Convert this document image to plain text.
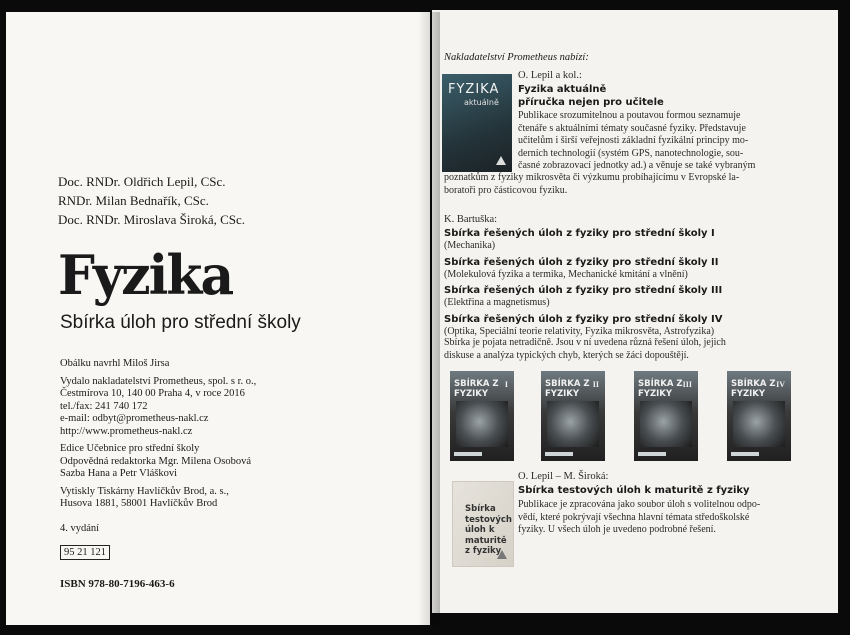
Doc. RNDr. Oldřich Lepil, CSc.
RNDr. Milan Bednařík, CSc.
Doc. RNDr. Miroslava Široká, CSc.
Fyzika
Sbírka úloh pro střední školy
Obálku navrhl Miloš Jirsa
Vydalo nakladatelství Prometheus, spol. s r. o.,
Čestmírova 10, 140 00 Praha 4, v roce 2016
tel./fax: 241 740 172
e-mail: odbyt@prometheus-nakl.cz
http://www.prometheus-nakl.cz
Edice Učebnice pro střední školy
Odpovědná redaktorka Mgr. Milena Osobová
Sazba Hana a Petr Vláškovi
Vytiskly Tiskárny Havlíčkův Brod, a. s.,
Husova 1881, 58001 Havlíčkův Brod
4. vydání
95 21 121
ISBN 978-80-7196-463-6
Nakladatelství Prometheus nabízí:
FYZIKA
aktuálně
O. Lepil a kol.:
Fyzika aktuálně
příručka nejen pro učitele
Publikace srozumitelnou a poutavou formou seznamuje
čtenáře s aktuálními tématy současné fyziky. Představuje
učitelům i širší veřejnosti základní fyzikální principy mo-
derních technologií (systém GPS, nanotechnologie, sou-
časné zobrazovací jednotky ad.) a věnuje se také vybraným
poznatkům z fyziky mikrosvěta či výzkumu probíhajícímu v Evropské la-
boratoři pro částicovou fyziku.
K. Bartuška:
Sbírka řešených úloh z fyziky pro střední školy I
(Mechanika)
Sbírka řešených úloh z fyziky pro střední školy II
(Molekulová fyzika a termika, Mechanické kmitání a vlnění)
Sbírka řešených úloh z fyziky pro střední školy III
(Elektřina a magnetismus)
Sbírka řešených úloh z fyziky pro střední školy IV
(Optika, Speciální teorie relativity, Fyzika mikrosvěta, Astrofyzika)
Sbírka je pojata netradičně. Jsou v ní uvedena různá řešení úloh, jejich
diskuse a analýza typických chyb, kterých se žáci dopouštějí.
SBÍRKA Z FYZIKY
I	SBÍRKA Z FYZIKY
II	SBÍRKA Z FYZIKY
III	SBÍRKA Z FYZIKY
IV
Sbírka testových úloh k maturitě z fyziky
O. Lepil – M. Široká:
Sbírka testových úloh k maturitě z fyziky
Publikace je zpracována jako soubor úloh s volitelnou odpo-
vědí, které pokrývají všechna hlavní témata středoškolské
fyziky. U všech úloh je uvedeno podrobné řešení.
